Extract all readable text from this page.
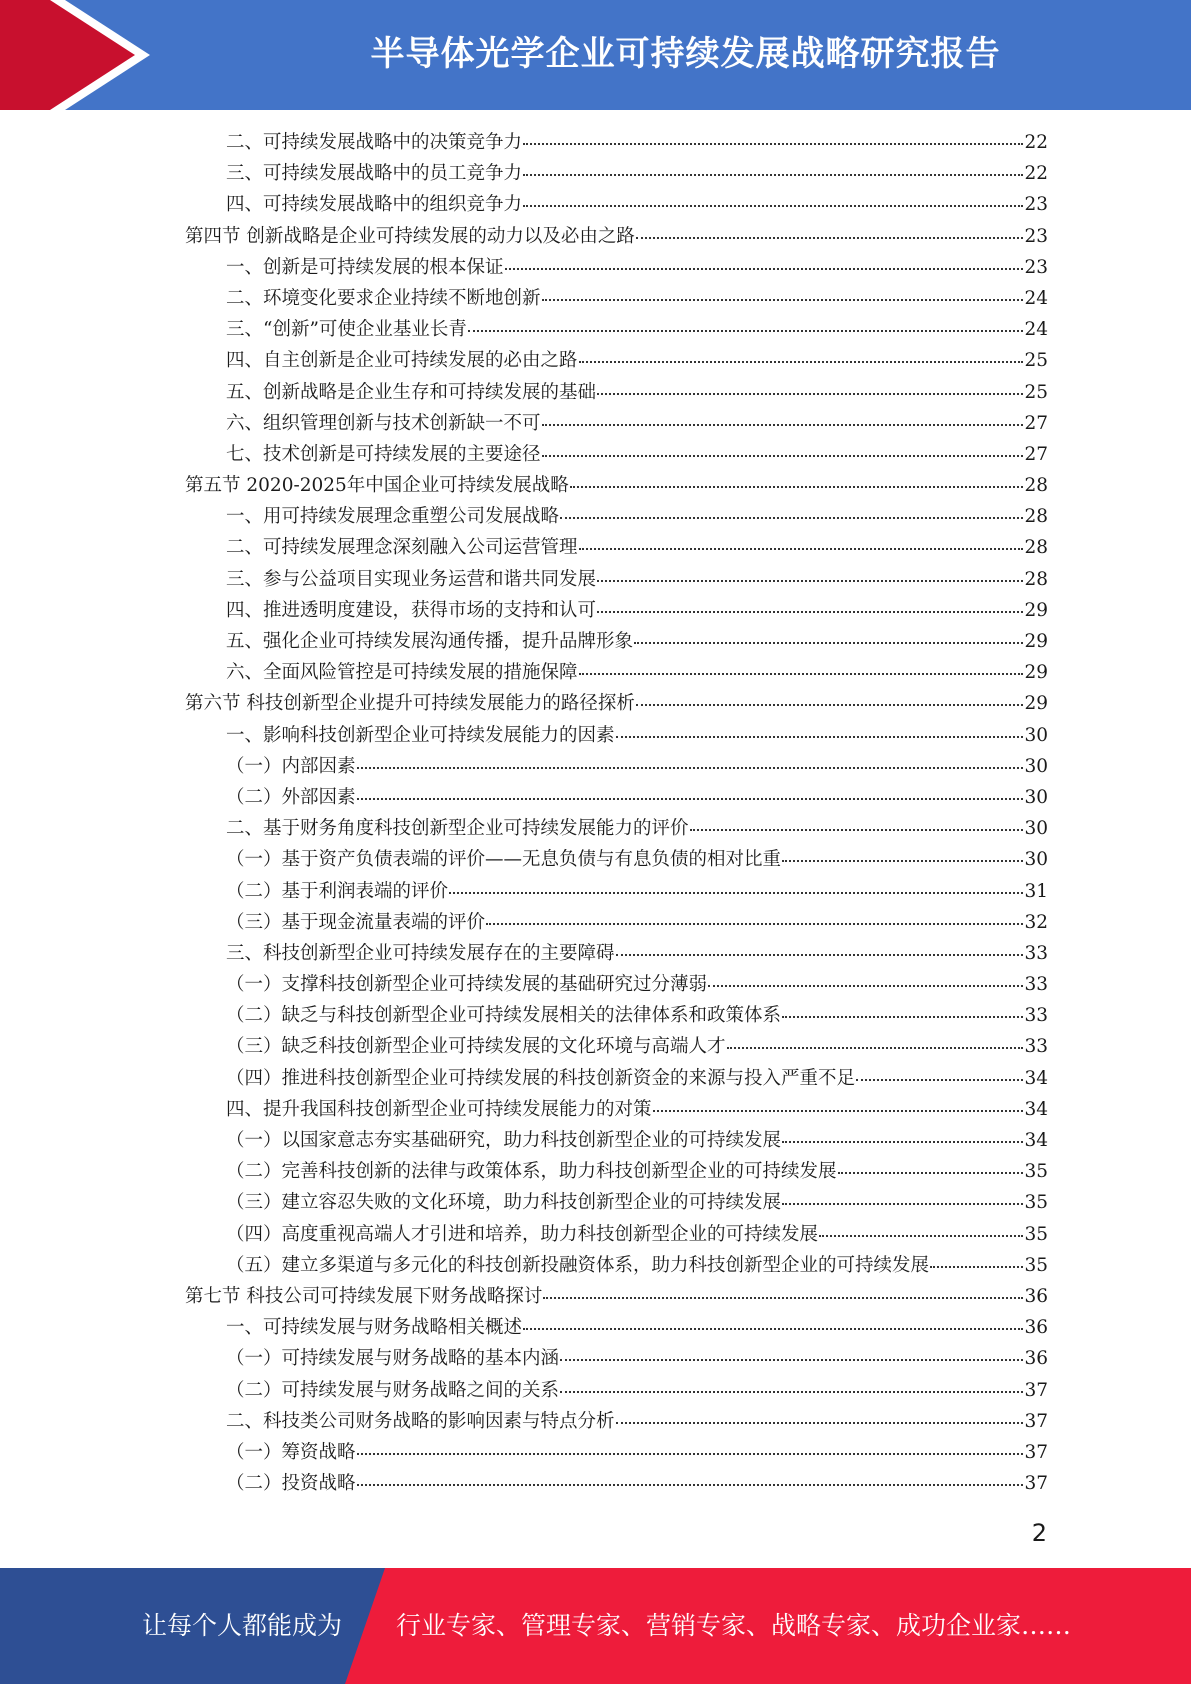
半导体光学企业可持续发展战略研究报告
二、可持续发展战略中的决策竞争力	22
三、可持续发展战略中的员工竞争力	22
四、可持续发展战略中的组织竞争力	23
第四节 创新战略是企业可持续发展的动力以及必由之路	23
一、创新是可持续发展的根本保证	23
二、环境变化要求企业持续不断地创新	24
三、“创新”可使企业基业长青	24
四、自主创新是企业可持续发展的必由之路	25
五、创新战略是企业生存和可持续发展的基础	25
六、组织管理创新与技术创新缺一不可	27
七、技术创新是可持续发展的主要途径	27
第五节 2020-2025年中国企业可持续发展战略	28
一、用可持续发展理念重塑公司发展战略	28
二、可持续发展理念深刻融入公司运营管理	28
三、参与公益项目实现业务运营和谐共同发展	28
四、推进透明度建设，获得市场的支持和认可	29
五、强化企业可持续发展沟通传播，提升品牌形象	29
六、全面风险管控是可持续发展的措施保障	29
第六节 科技创新型企业提升可持续发展能力的路径探析	29
一、影响科技创新型企业可持续发展能力的因素	30
（一）内部因素	30
（二）外部因素	30
二、基于财务角度科技创新型企业可持续发展能力的评价	30
（一）基于资产负债表端的评价——无息负债与有息负债的相对比重	30
（二）基于利润表端的评价	31
（三）基于现金流量表端的评价	32
三、科技创新型企业可持续发展存在的主要障碍	33
（一）支撑科技创新型企业可持续发展的基础研究过分薄弱	33
（二）缺乏与科技创新型企业可持续发展相关的法律体系和政策体系	33
（三）缺乏科技创新型企业可持续发展的文化环境与高端人才	33
（四）推进科技创新型企业可持续发展的科技创新资金的来源与投入严重不足	34
四、提升我国科技创新型企业可持续发展能力的对策	34
（一）以国家意志夯实基础研究，助力科技创新型企业的可持续发展	34
（二）完善科技创新的法律与政策体系，助力科技创新型企业的可持续发展	35
（三）建立容忍失败的文化环境，助力科技创新型企业的可持续发展	35
（四）高度重视高端人才引进和培养，助力科技创新型企业的可持续发展	35
（五）建立多渠道与多元化的科技创新投融资体系，助力科技创新型企业的可持续发展	35
第七节 科技公司可持续发展下财务战略探讨	36
一、可持续发展与财务战略相关概述	36
（一）可持续发展与财务战略的基本内涵	36
（二）可持续发展与财务战略之间的关系	37
二、科技类公司财务战略的影响因素与特点分析	37
（一）筹资战略	37
（二）投资战略	37
2
让每个人都能成为 行业专家、管理专家、营销专家、战略专家、成功企业家……
